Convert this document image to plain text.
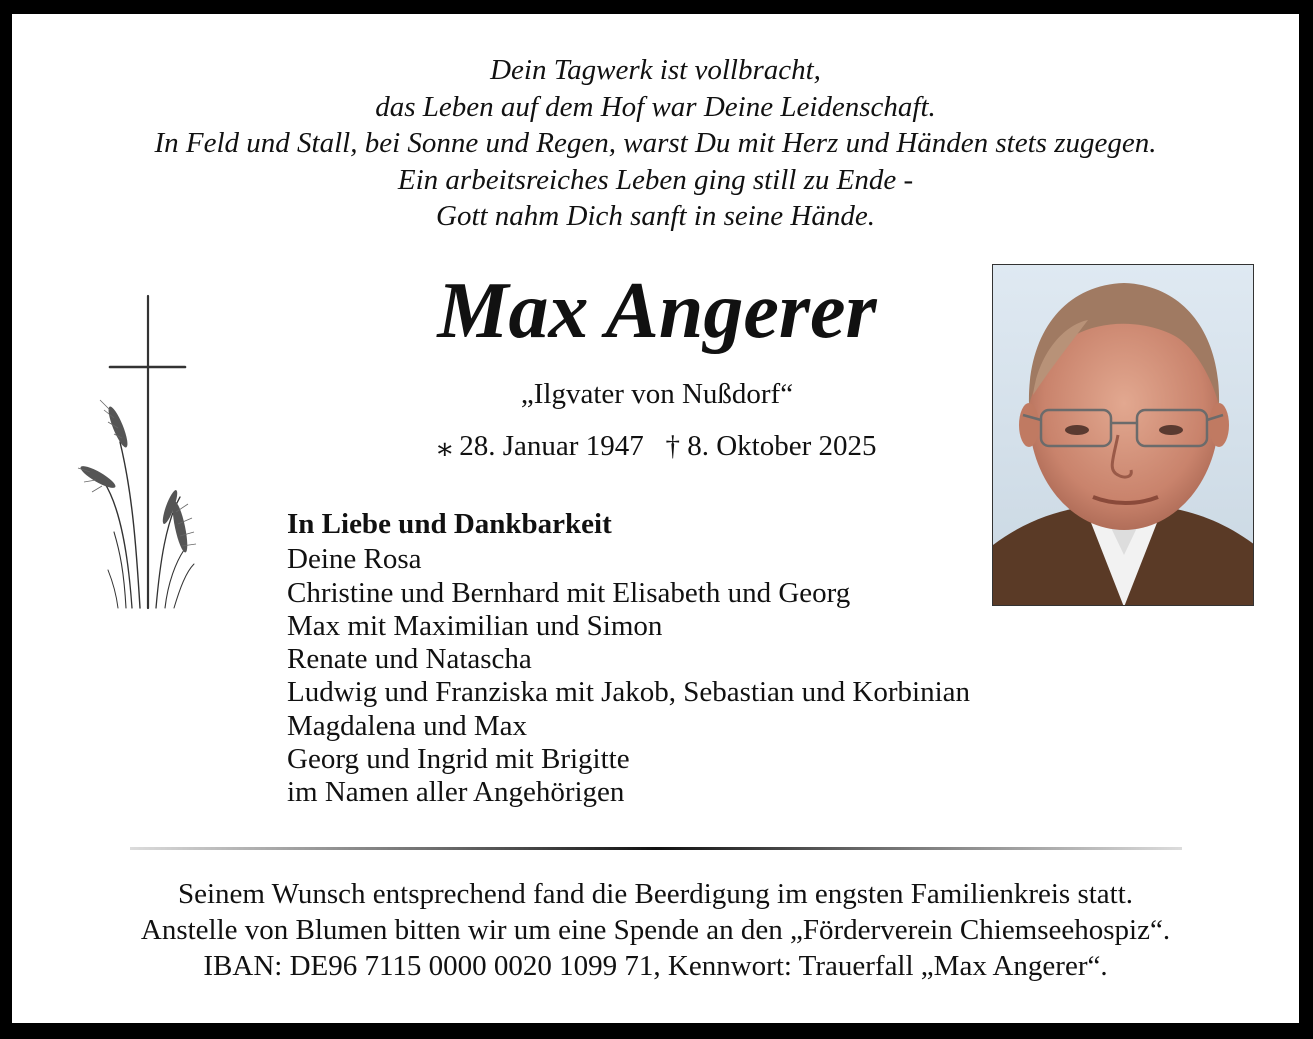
Dein Tagwerk ist vollbracht,
das Leben auf dem Hof war Deine Leidenschaft.
In Feld und Stall, bei Sonne und Regen, warst Du mit Herz und Händen stets zugegen.
Ein arbeitsreiches Leben ging still zu Ende -
Gott nahm Dich sanft in seine Hände.
Max Angerer
„Ilgvater von Nußdorf“
⁎ 28. Januar 1947 † 8. Oktober 2025
In Liebe und Dankbarkeit
Deine Rosa
Christine und Bernhard mit Elisabeth und Georg
Max mit Maximilian und Simon
Renate und Natascha
Ludwig und Franziska mit Jakob, Sebastian und Korbinian
Magdalena und Max
Georg und Ingrid mit Brigitte
im Namen aller Angehörigen
Seinem Wunsch entsprechend fand die Beerdigung im engsten Familienkreis statt.
Anstelle von Blumen bitten wir um eine Spende an den „Förderverein Chiemseehospiz“.
IBAN: DE96 7115 0000 0020 1099 71, Kennwort: Trauerfall „Max Angerer“.
